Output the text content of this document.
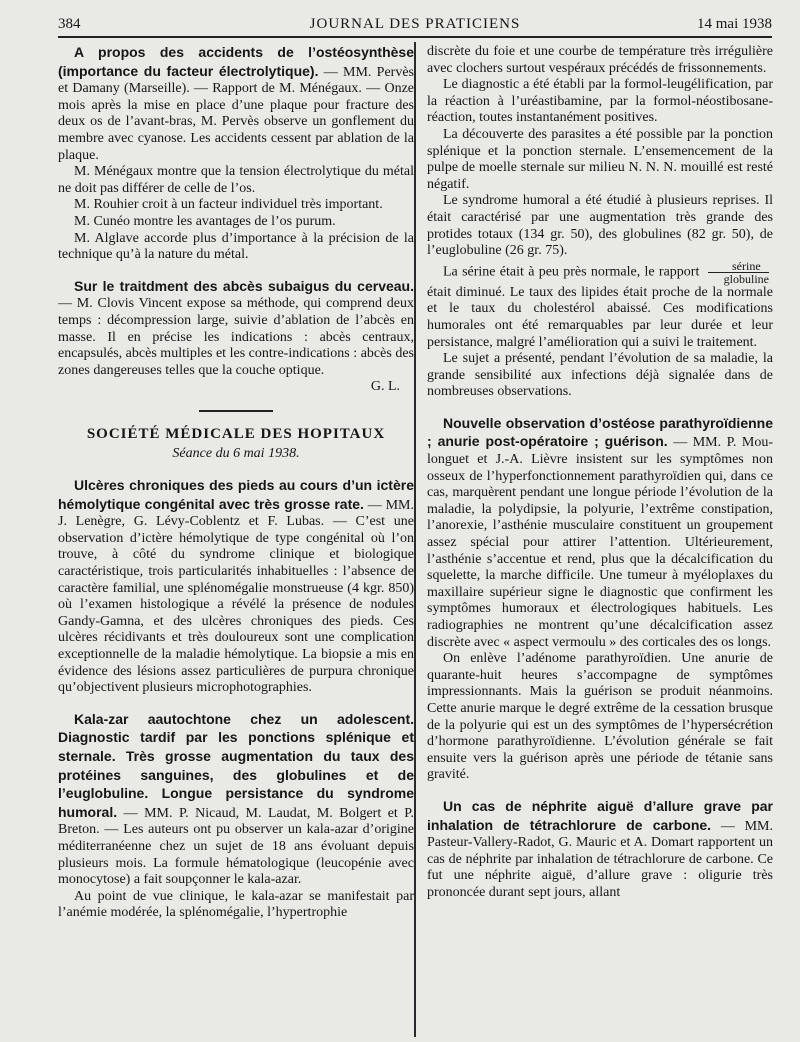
384	JOURNAL DES PRATICIENS	14 mai 1938

A propos des accidents de l’ostéosynthèse (importance du facteur électrolytique). — MM. Pervès et Damany (Marseille). — Rapport de M. Ménégaux. — Onze mois après la mise en place d’une plaque pour fracture des deux os de l’avant-bras, M. Pervès observe un gonflement du membre avec cyanose. Les accidents cessent par ablation de la plaque.

M. Ménégaux montre que la tension électrolytique du métal ne doit pas différer de celle de l’os.

M. Rouhier croit à un facteur individuel très important.

M. Cunéo montre les avantages de l’os purum.

M. Alglave accorde plus d’importance à la précision de la technique qu’à la nature du métal.

Sur le traitdment des abcès subaigus du cerveau. — M. Clovis Vincent expose sa méthode, qui comprend deux temps : décompression large, suivie d’ablation de l’abcès en masse. Il en précise les indications : abcès centraux, encapsulés, abcès multiples et les contre-indications : abcès des zones dangereuses telles que la couche optique.

G. L.

SOCIÉTÉ MÉDICALE DES HOPITAUX

Séance du 6 mai 1938.

Ulcères chroniques des pieds au cours d’un ictère hémolytique congénital avec très grosse rate. — MM. J. Lenègre, G. Lévy-Coblentz et F. Lubas. — C’est une observation d’ictère hémolytique de type congénital où l’on trouve, à côté du syndrome clinique et biologique caractéristique, trois particularités inhabituelles : l’absence de caractère familial, une splénomégalie monstrueuse (4 kgr. 850) où l’examen histologique a révélé la présence de nodules Gandy-Gamna, et des ulcères chroniques des pieds. Ces ulcères récidivants et très douloureux sont une complication exceptionnelle de la maladie hémolytique. La biopsie a mis en évidence des lésions assez particulières de purpura chronique qu’objectivent plusieurs microphotographies.

Kala-zar aautochtone chez un adolescent. Diagnostic tardif par les ponctions splénique et sternale. Très grosse augmentation du taux des protéines sanguines, des globulines et de l’euglobuline. Longue persistance du syndrome humoral. — MM. P. Nicaud, M. Laudat, M. Bolgert et P. Breton. — Les auteurs ont pu observer un kala-azar d’origine méditerranéenne chez un sujet de 18 ans évoluant depuis plusieurs mois. La formule hématologique (leucopénie avec monocytose) a fait soupçonner le kala-azar.

Au point de vue clinique, le kala-azar se manifestait par l’anémie modérée, la splénomégalie, l’hypertrophie

discrète du foie et une courbe de température très irrégulière avec clochers surtout vespéraux précédés de frissonnements.

Le diagnostic a été établi par la formol-leugélification, par la réaction à l’uréastibamine, par la formol-néostibosane-réaction, toutes instantanément positives.

La découverte des parasites a été possible par la ponction splénique et la ponction sternale. L’ensemencement de la pulpe de moelle sternale sur milieu N. N. N. mouillé est resté négatif.

Le syndrome humoral a été étudié à plusieurs reprises. Il était caractérisé par une augmentation très grande des protides totaux (134 gr. 50), des globulines (82 gr. 50), de l’euglobuline (26 gr. 75).

La sérine était à peu près normale, le rapport $\frac{\text{sérine}}{\text{globuline}}$
était diminué. Le taux des lipides était proche de la normale et le taux du cholestérol abaissé. Ces modifications humorales ont été remarquables par leur durée et leur persistance, malgré l’amélioration qui a suivi le traitement.

Le sujet a présenté, pendant l’évolution de sa maladie, la grande sensibilité aux infections déjà signalée dans de nombreuses observations.

Nouvelle observation d’ostéose parathyroïdienne ; anurie post-opératoire ; guérison. — MM. P. Mou-longuet et J.-A. Lièvre insistent sur les symptômes non osseux de l’hyperfonctionnement parathyroïdien qui, dans ce cas, marquèrent pendant une longue période l’évolution de la maladie, la polydipsie, la polyurie, l’extrême constipation, l’anorexie, l’asthénie musculaire constituent un groupement assez spécial pour attirer l’attention. Ultérieurement, l’asthénie s’accentue et rend, plus que la décalcification du squelette, la marche difficile. Une tumeur à myéloplaxes du maxillaire supérieur signe le diagnostic que confirment les symptômes humoraux et électrologiques habituels. Les radiographies ne montrent qu’une décalcification assez discrète avec « aspect vermoulu » des corticales des os longs.

On enlève l’adénome parathyroïdien. Une anurie de quarante-huit heures s’accompagne de symptômes impressionnants. Mais la guérison se produit néanmoins. Cette anurie marque le degré extrême de la cessation brusque de la polyurie qui est un des symptômes de l’hypersécrétion d’hormone parathyroïdienne. L’évolution générale se fait ensuite vers la guérison après une période de tétanie sans gravité.

Un cas de néphrite aiguë d’allure grave par inhalation de tétrachlorure de carbone. — MM. Pasteur-Vallery-Radot, G. Mauric et A. Domart rapportent un cas de néphrite par inhalation de tétrachlorure de carbone. Ce fut une néphrite aiguë, d’allure grave : oligurie très prononcée durant sept jours, allant
